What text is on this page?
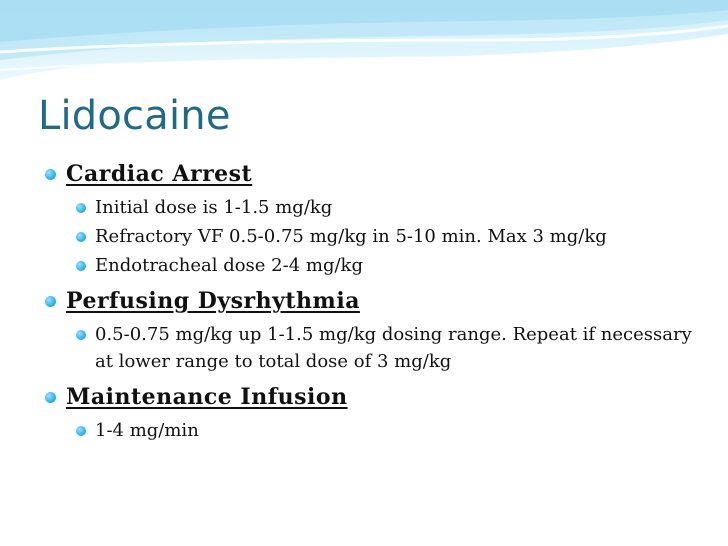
Lidocaine
Cardiac Arrest
Initial dose is 1-1.5 mg/kg
Refractory VF 0.5-0.75 mg/kg in 5-10 min. Max 3 mg/kg
Endotracheal dose 2-4 mg/kg
Perfusing Dysrhythmia
0.5-0.75 mg/kg up 1-1.5 mg/kg dosing range. Repeat if necessary at lower range to total dose of 3 mg/kg
Maintenance Infusion
1-4 mg/min
